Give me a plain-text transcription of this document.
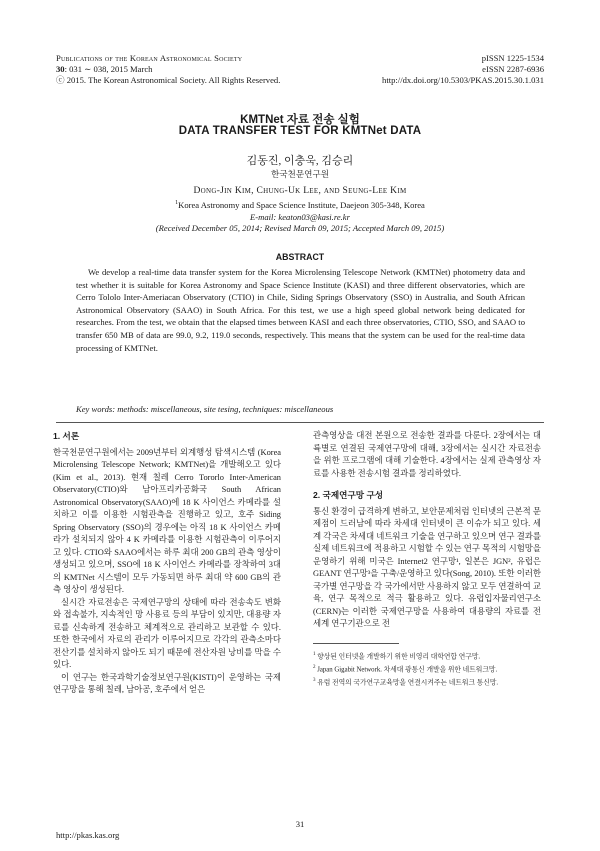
Publications of the Korean Astronomical Society	pISSN 1225-1534
30: 031 ∼ 038, 2015 March	eISSN 2287-6936
ⓒ 2015. The Korean Astronomical Society. All Rights Reserved.	http://dx.doi.org/10.5303/PKAS.2015.30.1.031
KMTNet 자료 전송 실험
DATA TRANSFER TEST FOR KMTNet DATA
김동진, 이충욱, 김승리
한국천문연구원
Dong-Jin Kim, Chung-Uk Lee, and Seung-Lee Kim
$^1$Korea Astronomy and Space Science Institute, Daejeon 305-348, Korea
E-mail: keaton03@kasi.re.kr
(Received December 05, 2014; Revised March 09, 2015; Accepted March 09, 2015)
ABSTRACT
We develop a real-time data transfer system for the Korea Microlensing Telescope Network (KMTNet) photometry data and test whether it is suitable for Korea Astronomy and Space Science Institute (KASI) and three different observatories, which are Cerro Tololo Inter-Ameriacan Observatory (CTIO) in Chile, Siding Springs Observatory (SSO) in Australia, and South African Astronomical Observatory (SAAO) in South Africa. For this test, we use a high speed global network being dedicated for researches. From the test, we obtain that the elapsed times between KASI and each three observatories, CTIO, SSO, and SAAO to transfer 650 MB of data are 99.0, 9.2, 119.0 seconds, respectively. This means that the system can be used for the real-time data processing of KMTNet.
Key words: methods: miscellaneous, site tesing, techniques: miscellaneous
1. 서론

한국천문연구원에서는 2009년부터 외계행성 탐색시스템 (Korea Microlensing Telescope Network; KMTNet)을 개발해오고 있다(Kim et al., 2013). 현재 칠레 Cerro Tororlo Inter-American Observatory(CTIO)와 남아프리카공화국 South African Astronomical Observatory(SAAO)에 18 K 사이언스 카메라를 설치하고 이를 이용한 시험관측을 진행하고 있고, 호주 Siding Spring Observatory (SSO)의 경우에는 아직 18 K 사이언스 카메라가 설치되지 않아 4 K 카메라를 이용한 시험관측이 이루어지고 있다. CTIO와 SAAO에서는 하루 최대 200 GB의 관측 영상이 생성되고 있으며, SSO에 18 K 사이언스 카메라를 장착하여 3대의 KMTNet 시스템이 모두 가동되면 하루 최대 약 600 GB의 관측 영상이 생성된다.

실시간 자료전송은 국제연구망의 상태에 따라 전송속도 변화와 접속불가, 지속적인 망 사용료 등의 부담이 있지만, 대용량 자료를 신속하게 전송하고 체계적으로 관리하고 보관할 수 있다. 또한 한국에서 자료의 관리가 이루어지므로 각각의 관측소마다 전산기를 설치하지 않아도 되기 때문에 전산자원 낭비를 막을 수 있다.

이 연구는 한국과학기술정보연구원(KISTI)이 운영하는 국제 연구망을 통해 칠레, 남아공, 호주에서 얻은

관측영상을 대전 본원으로 전송한 결과를 다룬다. 2장에서는 대륙별로 연결된 국제연구망에 대해, 3장에서는 실시간 자료전송을 위한 프로그램에 대해 기술한다. 4장에서는 실제 관측영상 자료를 사용한 전송시험 결과를 정리하였다.

2. 국제연구망 구성

통신 환경이 급격하게 변하고, 보안문제처럼 인터넷의 근본적 문제점이 드러남에 따라 차세대 인터넷이 큰 이슈가 되고 있다. 세계 각국은 차세대 네트워크 기술을 연구하고 있으며 연구 결과를 실제 네트워크에 적용하고 시험할 수 있는 연구 목적의 시험망을 운영하기 위해 미국은 Internet2 연구망¹, 일본은 JGN², 유럽은 GEANT 연구망³을 구축/운영하고 있다(Song, 2010). 또한 이러한 국가별 연구망을 각 국가에서만 사용하지 않고 모두 연결하여 교육, 연구 목적으로 적극 활용하고 있다. 유럽입자물리연구소(CERN)는 이러한 국제연구망을 사용하여 대용량의 자료를 전 세계 연구기관으로 전

$^1$ 향상된 인터넷을 개발하기 위한 비영리 대학연합 연구망.
$^2$ Japan Gigabit Network. 차세대 광통신 개발을 위한 네트워크망.
$^3$ 유럽 전역의 국가연구교육망을 연결시켜주는 네트워크 통신망.
31
http://pkas.kas.org
